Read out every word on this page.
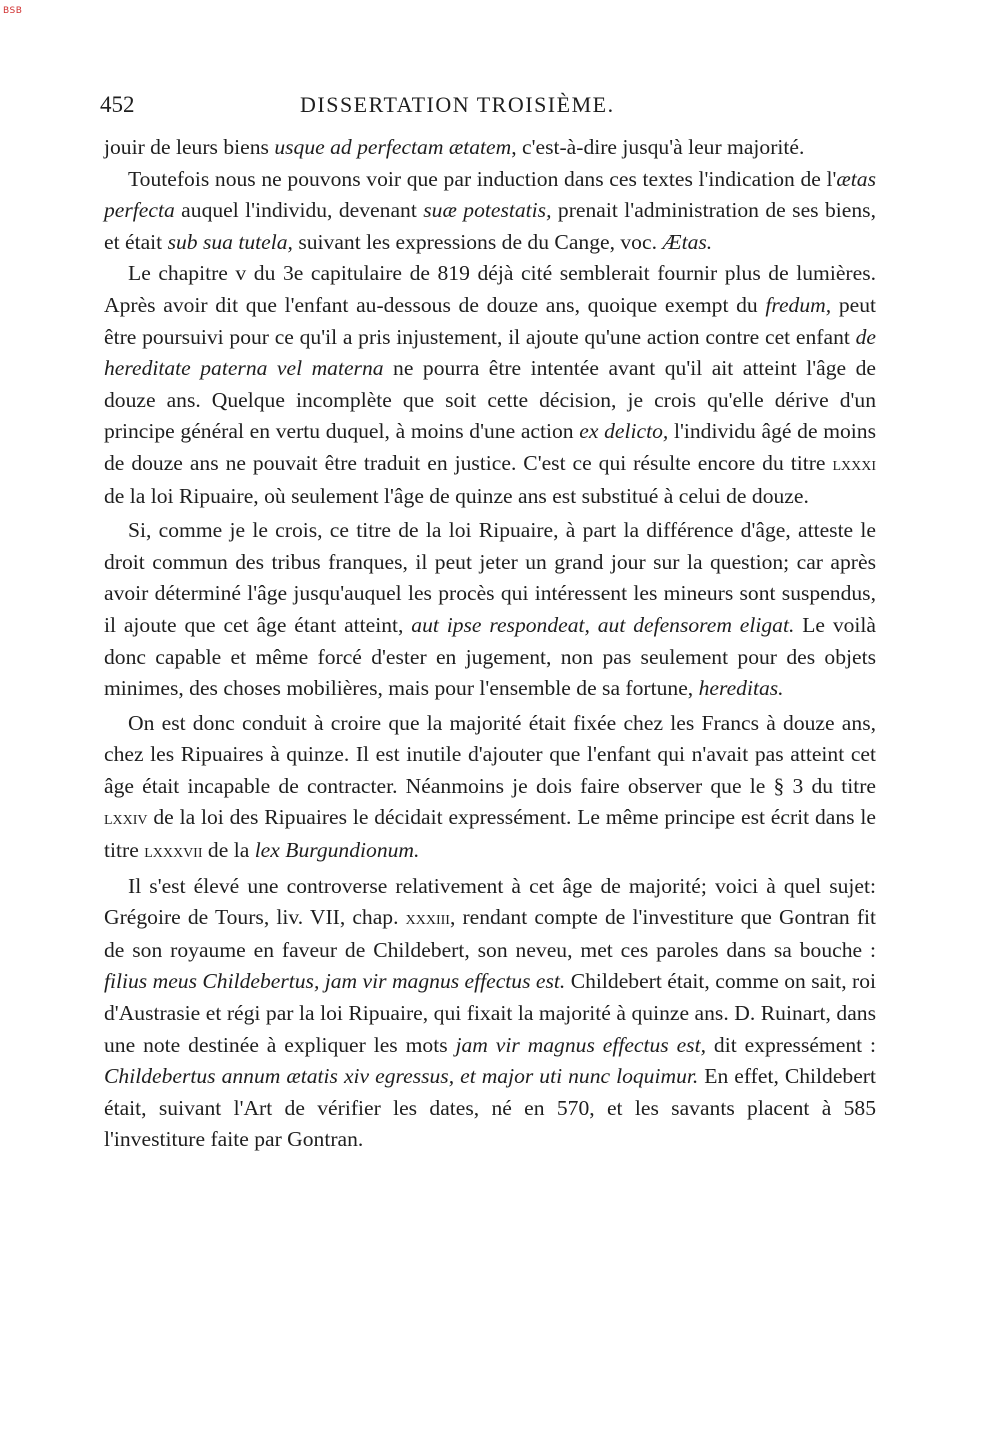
BSB
452	DISSERTATION TROISIÈME.

jouir de leurs biens usque ad perfectam ætatem, c'est-à-dire jusqu'à leur majorité.

Toutefois nous ne pouvons voir que par induction dans ces textes l'indication de l'ætas perfecta auquel l'individu, devenant suæ potestatis, prenait l'administration de ses biens, et était sub sua tutela, suivant les expressions de du Cange, voc. Ætas.

Le chapitre v du 3e capitulaire de 819 déjà cité semblerait fournir plus de lumières. Après avoir dit que l'enfant au-dessous de douze ans, quoique exempt du fredum, peut être poursuivi pour ce qu'il a pris injustement, il ajoute qu'une action contre cet enfant de hereditate paterna vel materna ne pourra être intentée avant qu'il ait atteint l'âge de douze ans. Quelque incomplète que soit cette décision, je crois qu'elle dérive d'un principe général en vertu duquel, à moins d'une action ex delicto, l'individu âgé de moins de douze ans ne pouvait être traduit en justice. C'est ce qui résulte encore du titre lxxxi de la loi Ripuaire, où seulement l'âge de quinze ans est substitué à celui de douze.

Si, comme je le crois, ce titre de la loi Ripuaire, à part la différence d'âge, atteste le droit commun des tribus franques, il peut jeter un grand jour sur la question; car après avoir déterminé l'âge jusqu'auquel les procès qui intéressent les mineurs sont suspendus, il ajoute que cet âge étant atteint, aut ipse respondeat, aut defensorem eligat. Le voilà donc capable et même forcé d'ester en jugement, non pas seulement pour des objets minimes, des choses mobilières, mais pour l'ensemble de sa fortune, hereditas.

On est donc conduit à croire que la majorité était fixée chez les Francs à douze ans, chez les Ripuaires à quinze. Il est inutile d'ajouter que l'enfant qui n'avait pas atteint cet âge était incapable de contracter. Néanmoins je dois faire observer que le § 3 du titre lxxiv de la loi des Ripuaires le décidait expressément. Le même principe est écrit dans le titre lxxxvii de la lex Burgundionum.

Il s'est élevé une controverse relativement à cet âge de majorité; voici à quel sujet: Grégoire de Tours, liv. VII, chap. xxxiii, rendant compte de l'investiture que Gontran fit de son royaume en faveur de Childebert, son neveu, met ces paroles dans sa bouche : filius meus Childebertus, jam vir magnus effectus est. Childebert était, comme on sait, roi d'Austrasie et régi par la loi Ripuaire, qui fixait la majorité à quinze ans. D. Ruinart, dans une note destinée à expliquer les mots jam vir magnus effectus est, dit expressément : Childebertus annum ætatis xiv egressus, et major uti nunc loquimur. En effet, Childebert était, suivant l'Art de vérifier les dates, né en 570, et les savants placent à 585 l'investiture faite par Gontran.
